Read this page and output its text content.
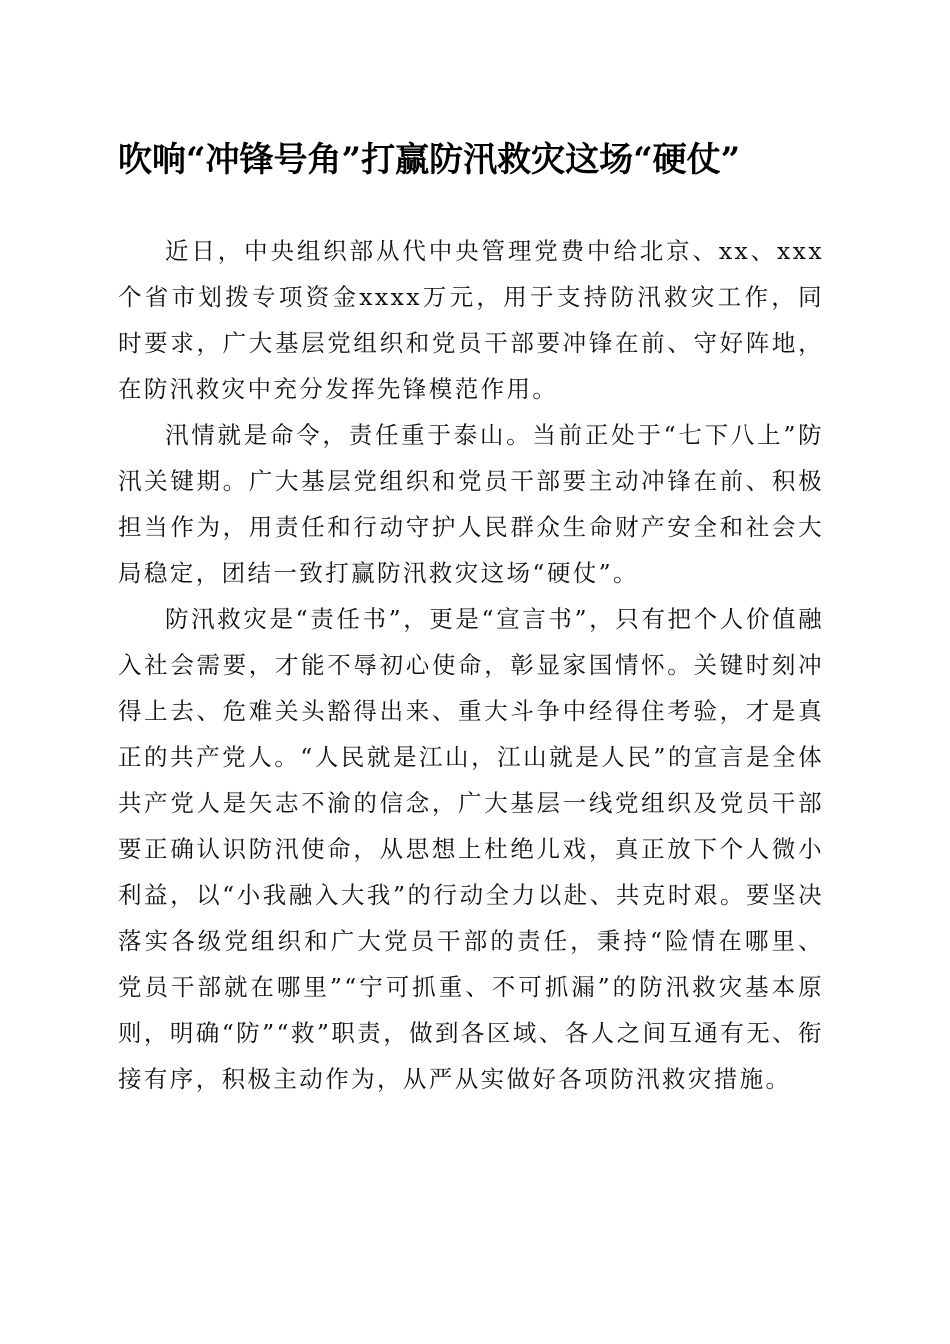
吹响“冲锋号角”打赢防汛救灾这场“硬仗”

近日，中央组织部从代中央管理党费中给北京、xx、xxx个省市划拨专项资金xxxx万元，用于支持防汛救灾工作，同时要求，广大基层党组织和党员干部要冲锋在前、守好阵地，在防汛救灾中充分发挥先锋模范作用。

汛情就是命令，责任重于泰山。当前正处于“七下八上”防汛关键期。广大基层党组织和党员干部要主动冲锋在前、积极担当作为，用责任和行动守护人民群众生命财产安全和社会大局稳定，团结一致打赢防汛救灾这场“硬仗”。

防汛救灾是“责任书”，更是“宣言书”，只有把个人价值融入社会需要，才能不辱初心使命，彰显家国情怀。关键时刻冲得上去、危难关头豁得出来、重大斗争中经得住考验，才是真正的共产党人。“人民就是江山，江山就是人民”的宣言是全体共产党人是矢志不渝的信念，广大基层一线党组织及党员干部要正确认识防汛使命，从思想上杜绝儿戏，真正放下个人微小利益，以“小我融入大我”的行动全力以赴、共克时艰。要坚决落实各级党组织和广大党员干部的责任，秉持“险情在哪里、党员干部就在哪里”“宁可抓重、不可抓漏”的防汛救灾基本原则，明确“防”“救”职责，做到各区域、各人之间互通有无、衔接有序，积极主动作为，从严从实做好各项防汛救灾措施。
